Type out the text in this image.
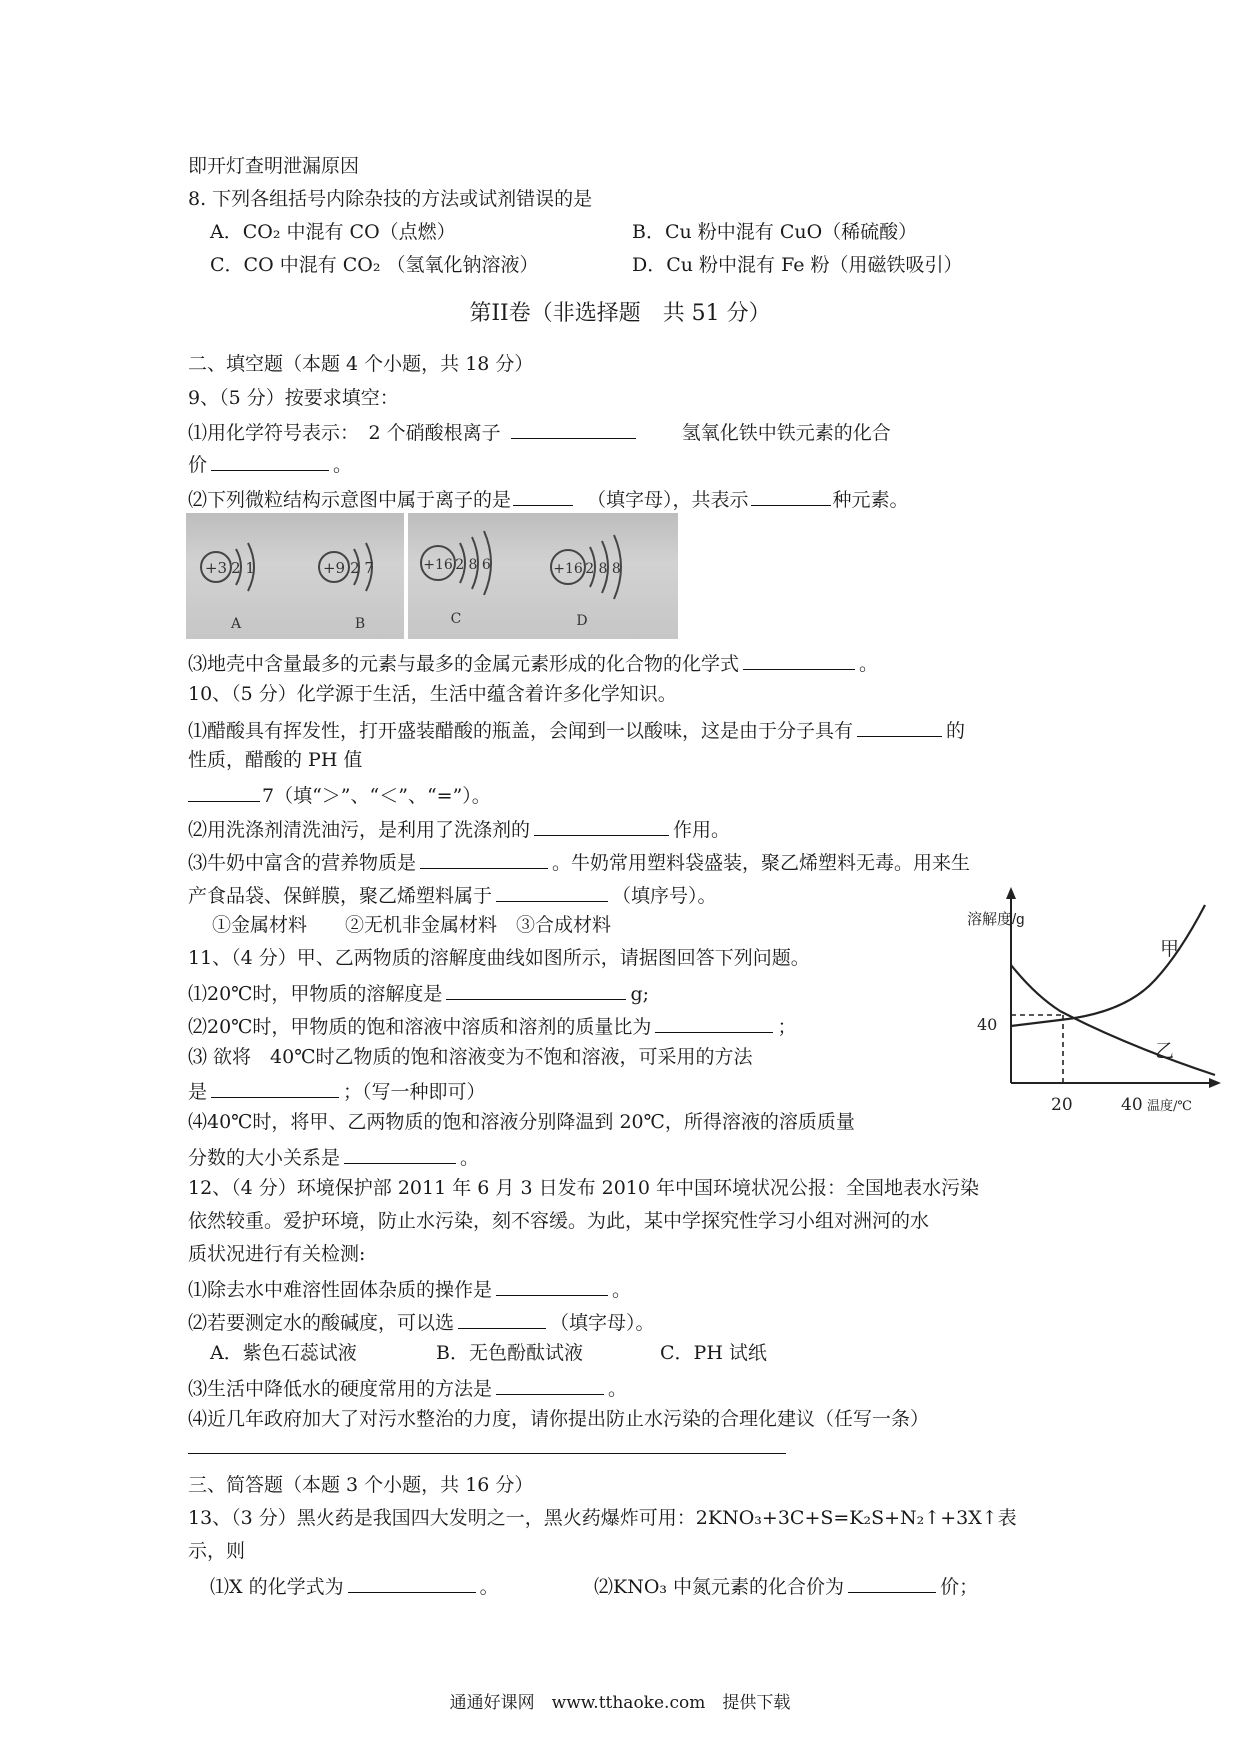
即开灯查明泄漏原因
8. 下列各组括号内除杂技的方法或试剂错误的是
A．CO₂ 中混有 CO（点燃）	B．Cu 粉中混有 CuO（稀硫酸）
C．CO 中混有 CO₂ （氢氧化钠溶液）	D．Cu 粉中混有 Fe 粉（用磁铁吸引）
第II卷（非选择题　共 51 分）
二、填空题（本题 4 个小题，共 18 分）
9、（5 分）按要求填空：
⑴用化学符号表示：　2 个硝酸根离子	氢氧化铁中铁元素的化合
价	。
⑵下列微粒结构示意图中属于离子的是	（填字母），共表示	种元素。
+3 2 1
A
+9 2 7
B
+16 2 8 6
C
+16 2 8 8
D
⑶地壳中含量最多的元素与最多的金属元素形成的化合物的化学式	。
10、（5 分）化学源于生活，生活中蕴含着许多化学知识。
⑴醋酸具有挥发性，打开盛装醋酸的瓶盖，会闻到一以酸味，这是由于分子具有	的
性质，醋酸的 PH 值
7（填“＞”、“＜”、“=”）。
⑵用洗涤剂清洗油污，是利用了洗涤剂的	作用。
⑶牛奶中富含的营养物质是	。牛奶常用塑料袋盛装，聚乙烯塑料无毒。用来生
产食品袋、保鲜膜，聚乙烯塑料属于	（填序号）。
①金属材料　　②无机非金属材料　③合成材料
11、（4 分）甲、乙两物质的溶解度曲线如图所示，请据图回答下列问题。
⑴20℃时，甲物质的溶解度是	g;
⑵20℃时，甲物质的饱和溶液中溶质和溶剂的质量比为	；
⑶ 欲将　40℃时乙物质的饱和溶液变为不饱和溶液，可采用的方法
是	；（写一种即可）
⑷40℃时，将甲、乙两物质的饱和溶液分别降温到 20℃，所得溶液的溶质质量
分数的大小关系是	。
溶解度/g
40
20	40 温度/℃
甲
乙
12、（4 分）环境保护部 2011 年 6 月 3 日发布 2010 年中国环境状况公报：全国地表水污染
依然较重。爱护环境，防止水污染，刻不容缓。为此，某中学探究性学习小组对洲河的水
质状况进行有关检测:
⑴除去水中难溶性固体杂质的操作是	。
⑵若要测定水的酸碱度，可以选	（填字母）。
A．紫色石蕊试液	B．无色酚酞试液	C．PH 试纸
⑶生活中降低水的硬度常用的方法是	。
⑷近几年政府加大了对污水整治的力度，请你提出防止水污染的合理化建议（任写一条）
三、简答题（本题 3 个小题，共 16 分）
13、（3 分）黑火药是我国四大发明之一，黑火药爆炸可用：2KNO₃+3C+S=K₂S+N₂↑+3X↑表
示，则
⑴X 的化学式为	。	⑵KNO₃ 中氮元素的化合价为	价；
通通好课网　www.tthaoke.com　提供下载
